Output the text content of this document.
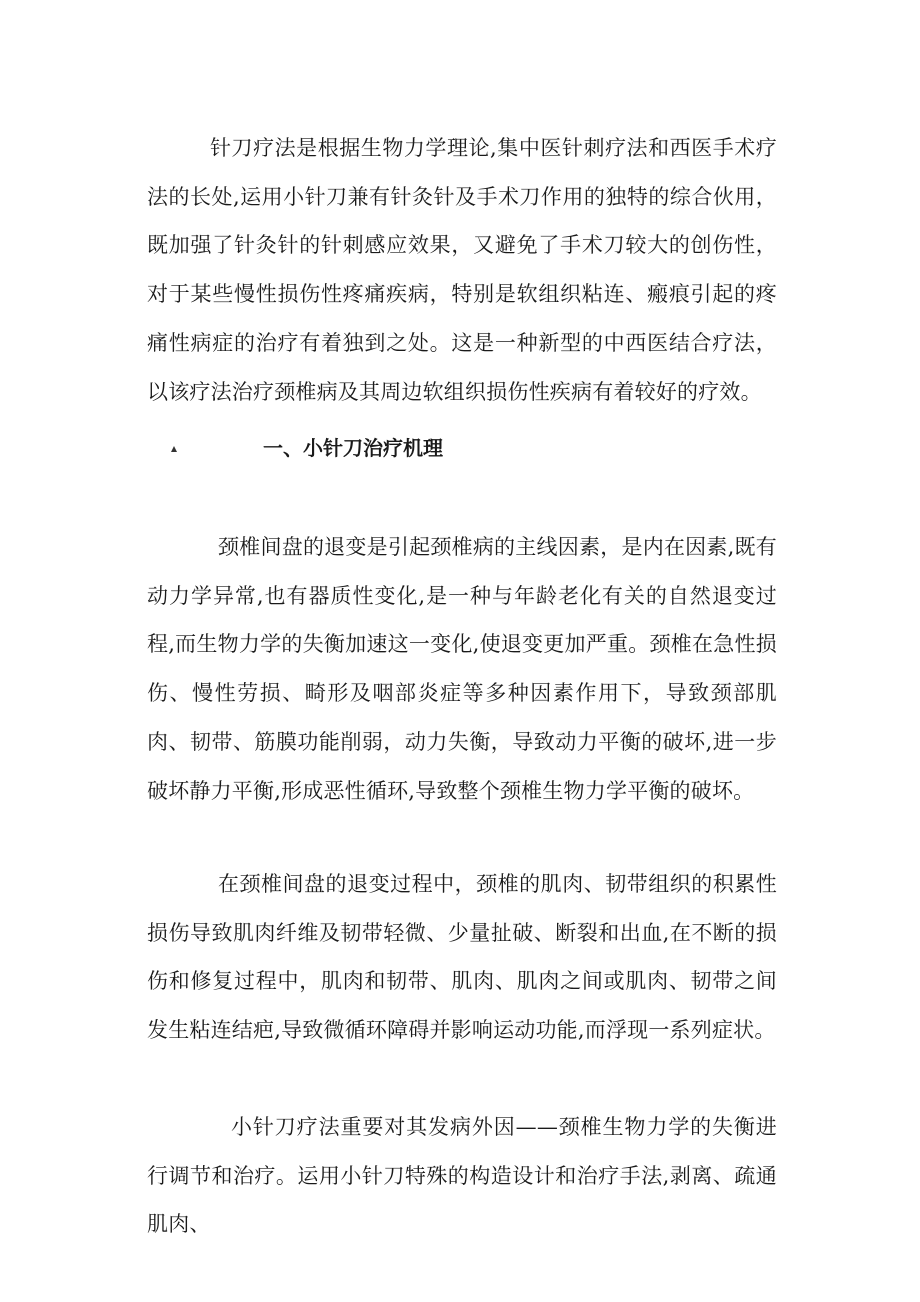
针刀疗法是根据生物力学理论,集中医针刺疗法和西医手术疗法的长处,运用小针刀兼有针灸针及手术刀作用的独特的综合伙用，既加强了针灸针的针刺感应效果，又避免了手术刀较大的创伤性，对于某些慢性损伤性疼痛疾病，特别是软组织粘连、瘢痕引起的疼痛性病症的治疗有着独到之处。这是一种新型的中西医结合疗法，以该疗法治疗颈椎病及其周边软组织损伤性疾病有着较好的疗效。

一、小针刀治疗机理

颈椎间盘的退变是引起颈椎病的主线因素，是内在因素,既有动力学异常,也有器质性变化,是一种与年龄老化有关的自然退变过程,而生物力学的失衡加速这一变化,使退变更加严重。颈椎在急性损伤、慢性劳损、畸形及咽部炎症等多种因素作用下，导致颈部肌肉、韧带、筋膜功能削弱，动力失衡，导致动力平衡的破坏,进一步破坏静力平衡,形成恶性循环,导致整个颈椎生物力学平衡的破坏。

在颈椎间盘的退变过程中，颈椎的肌肉、韧带组织的积累性损伤导致肌肉纤维及韧带轻微、少量扯破、断裂和出血,在不断的损伤和修复过程中，肌肉和韧带、肌肉、肌肉之间或肌肉、韧带之间发生粘连结疤,导致微循环障碍并影响运动功能,而浮现一系列症状。

小针刀疗法重要对其发病外因——颈椎生物力学的失衡进行调节和治疗。运用小针刀特殊的构造设计和治疗手法,剥离、疏通肌肉、
